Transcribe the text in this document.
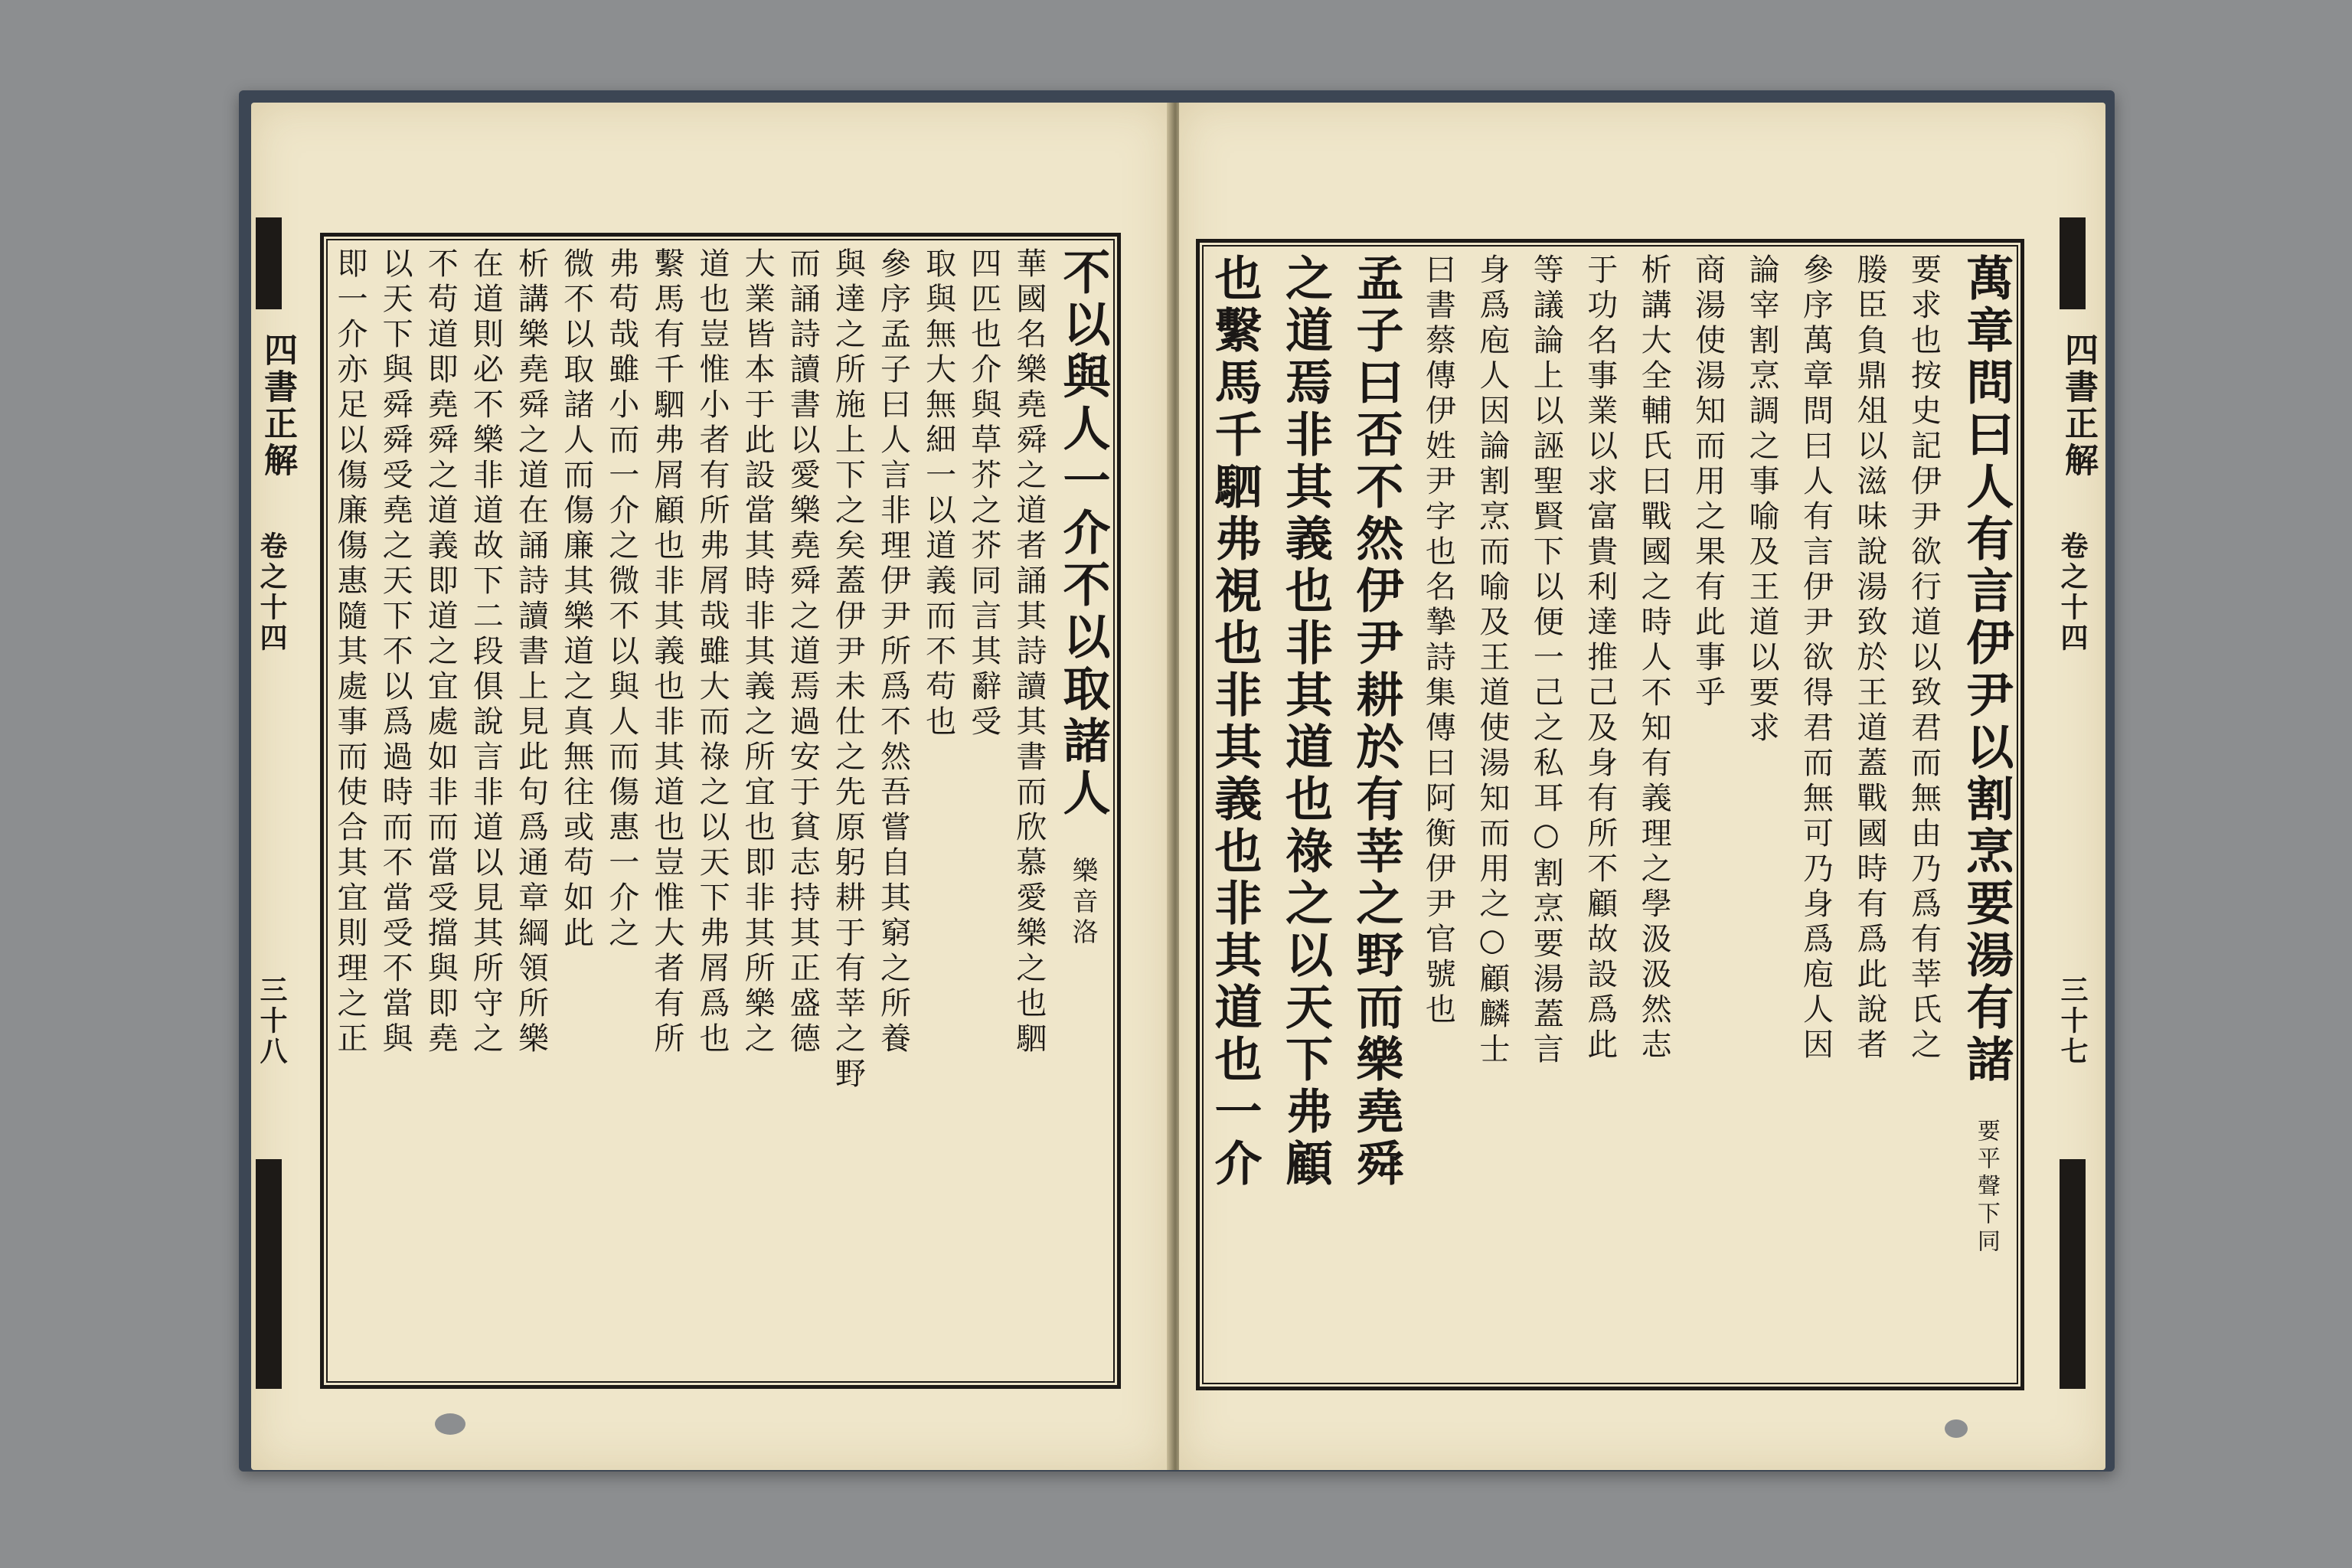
四書正解
卷之十四
三十八
不以與人一介不以取諸人 樂音洛
華國名樂堯舜之道者誦其詩讀其書而欣慕愛樂之也駟
四匹也介與草芥之芥同言其辭受
取與無大無細一以道義而不苟也
參序孟子曰人言非理伊尹所爲不然吾嘗自其窮之所養
與達之所施上下之矣蓋伊尹未仕之先原躬耕于有莘之野
而誦詩讀書以愛樂堯舜之道焉過安于貧志持其正盛德
大業皆本于此設當其時非其義之所宜也即非其所樂之
道也豈惟小者有所弗屑哉雖大而祿之以天下弗屑爲也
繫馬有千駟弗屑顧也非其義也非其道也豈惟大者有所
弗苟哉雖小而一介之微不以與人而傷惠一介之
微不以取諸人而傷廉其樂道之真無往或苟如此
析講樂堯舜之道在誦詩讀書上見此句爲通章綱領所樂
在道則必不樂非道故下二段俱說言非道以見其所守之
不苟道即堯舜之道義即道之宜處如非而當受擋與即堯
以天下與舜舜受堯之天下不以爲過時而不當受不當與
即一介亦足以傷廉傷惠隨其處事而使合其宜則理之正	萬章問曰人有言伊尹以割烹要湯有諸 要平聲下同
要求也按史記伊尹欲行道以致君而無由乃爲有莘氏之
媵臣負鼎俎以滋味說湯致於王道蓋戰國時有爲此說者
參序萬章問曰人有言伊尹欲得君而無可乃身爲庖人因
論宰割烹調之事喻及王道以要求
商湯使湯知而用之果有此事乎
析講大全輔氏曰戰國之時人不知有義理之學汲汲然志
于功名事業以求富貴利達推己及身有所不顧故設爲此
等議論上以誣聖賢下以便一己之私耳○割烹要湯蓋言
身爲庖人因論割烹而喻及王道使湯知而用之○顧麟士
曰書蔡傳伊姓尹字也名摯詩集傳曰阿衡伊尹官號也
孟子曰否不然伊尹耕於有莘之野而樂堯舜
之道焉非其義也非其道也祿之以天下弗顧
也繫馬千駟弗視也非其義也非其道也一介	四書正解
卷之十四
三十七
